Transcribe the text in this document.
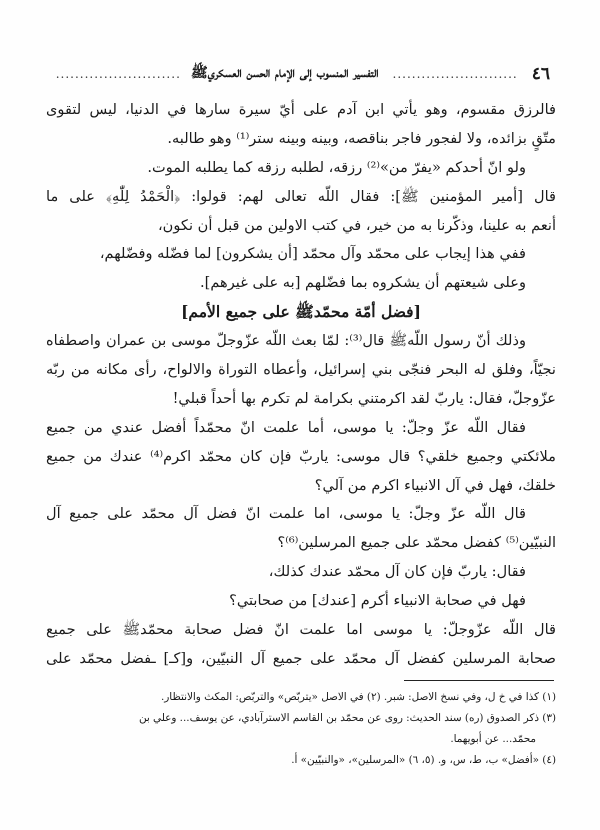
٤٦
..........................
التفسير المنسوب إلى الإمام الحسن العسكري‌ﷺ
..........................
فالرزق مقسوم، وهو يأتي ابن آدم على أيّ سيرة سارها في الدنيا، ليس لتقوى
متّقٍ بزائده، ولا لفجور فاجر بناقصه، وبينه وبينه ستر⁽¹⁾ وهو طالبه.
ولو انّ أحدكم «يفرّ من»⁽²⁾ رزقه، لطلبه رزقه كما يطلبه الموت.
قال [أمير المؤمنين ﷺ]: فقال اللّه تعالى لهم: قولوا: ﴿الْحَمْدُ لِلّٰهِ﴾ على ما
أنعم به علينا، وذكّرنا به من خير، في كتب الاولين من قبل أن نكون،
ففي هذا إيجاب على محمّد وآل محمّد [أن يشكرون] لما فضّله وفضّلهم،
وعلى شيعتهم أن يشكروه بما فضّلهم [به على غيرهم].
[فضل أمّة محمّدﷺ على جميع الأمم]
وذلك أنّ رسول اللّهﷺ قال⁽³⁾: لمّا بعث اللّه عزّوجلّ موسى بن عمران واصطفاه
نجيّاً، وفلق له البحر فنجّى بني إسرائيل، وأعطاه التوراة والالواح، رأى مكانه من ربّه
عزّوجلّ، فقال: ياربّ لقد اكرمتني بكرامة لم تكرم بها أحداً قبلي!
فقال اللّه عزّ وجلّ: يا موسى، أما علمت انّ محمّداً أفضل عندي من جميع
ملائكتي وجميع خلقي؟ قال موسى: ياربّ فإن كان محمّد اكرم⁽⁴⁾ عندك من جميع
خلقك، فهل في آل الانبياء اكرم من آلي؟
قال اللّه عزّ وجلّ: يا موسى، اما علمت انّ فضل آل محمّد على جميع آل
النبيّين⁽⁵⁾ كفضل محمّد على جميع المرسلين⁽⁶⁾؟
فقال: ياربّ فإن كان آل محمّد عندك كذلك،
فهل في صحابة الانبياء أكرم [عندك] من صحابتي؟
قال اللّه عزّوجلّ: يا موسى اما علمت انّ فضل صحابة محمّدﷺ على جميع
صحابة المرسلين كفضل آل محمّد على جميع آل النبيّين، و[كـ] ـفضل محمّد على
(١) كذا في خ ل، وفي نسخ الاصل: شبر. (٢) في الاصل «يتربّص» والتربّص: المكث والانتظار.
(٣) ذكر الصدوق (ره) سند الحديث: روى عن محمّد بن القاسم الاسترآبادي، عن يوسف... وعلي بن
محمّد... عن أبويهما.
(٤) «أفضل» ب، ط، س، و. (٥، ٦) «المرسلين»، «والنبيّين» أ.
